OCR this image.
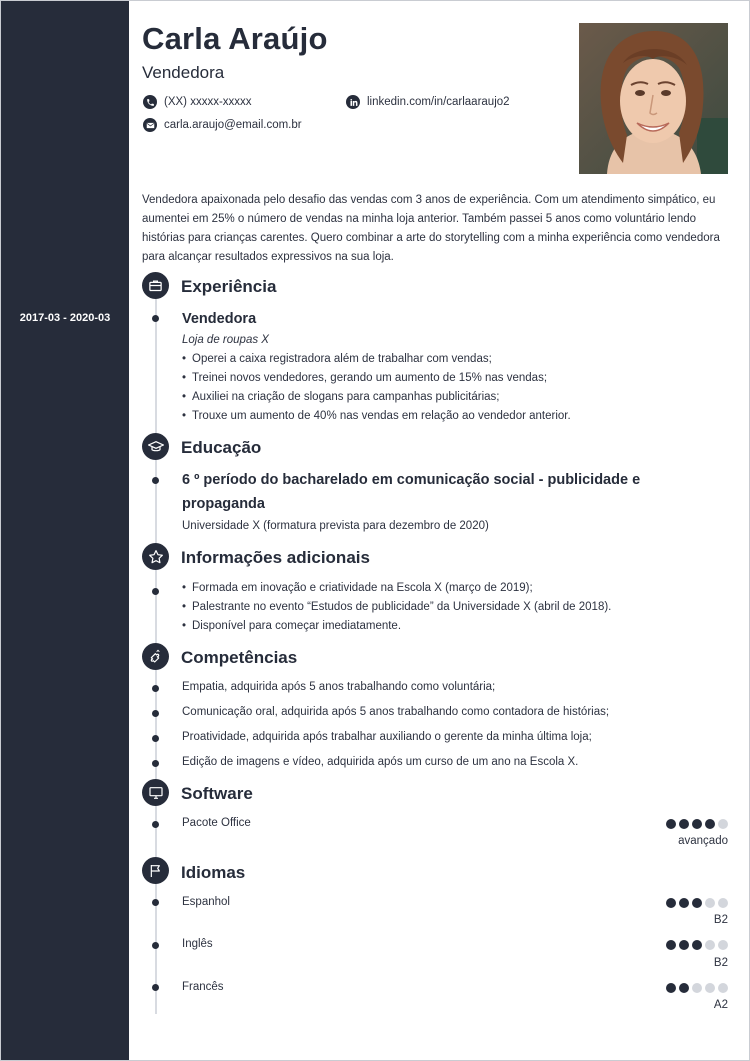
2017-03 - 2020-03
Carla Araújo
Vendedora
(XX) xxxxx-xxxxx	linkedin.com/in/carlaaraujo2
carla.araujo@email.com.br
Vendedora apaixonada pelo desafio das vendas com 3 anos de experiência. Com um atendimento simpático, eu aumentei em 25% o número de vendas na minha loja anterior. Também passei 5 anos como voluntário lendo histórias para crianças carentes. Quero combinar a arte do storytelling com a minha experiência como vendedora para alcançar resultados expressivos na sua loja.
Experiência
Vendedora
Loja de roupas X
• Operei a caixa registradora além de trabalhar com vendas;
• Treinei novos vendedores, gerando um aumento de 15% nas vendas;
• Auxiliei na criação de slogans para campanhas publicitárias;
• Trouxe um aumento de 40% nas vendas em relação ao vendedor anterior.
Educação
6 º período do bacharelado em comunicação social - publicidade e
propaganda
Universidade X (formatura prevista para dezembro de 2020)
Informações adicionais
• Formada em inovação e criatividade na Escola X (março de 2019);
• Palestrante no evento “Estudos de publicidade” da Universidade X (abril de 2018).
• Disponível para começar imediatamente.
Competências
Empatia, adquirida após 5 anos trabalhando como voluntária;
Comunicação oral, adquirida após 5 anos trabalhando como contadora de histórias;
Proatividade, adquirida após trabalhar auxiliando o gerente da minha última loja;
Edição de imagens e vídeo, adquirida após um curso de um ano na Escola X.
Software
Pacote Office
avançado
Idiomas
Espanhol
B2
Inglês
B2
Francês
A2
